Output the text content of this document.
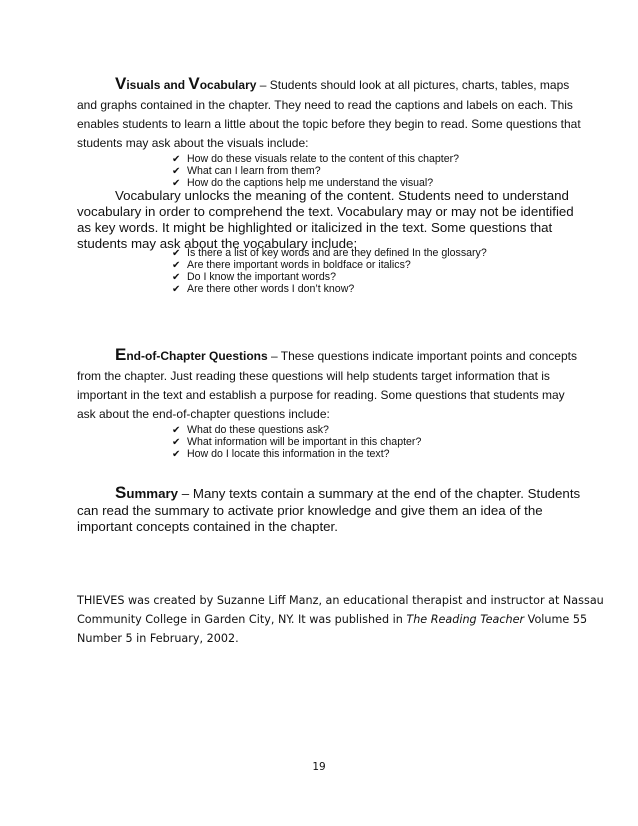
Visuals and Vocabulary – Students should look at all pictures, charts, tables, maps
and graphs contained in the chapter. They need to read the captions and labels on each. This
enables students to learn a little about the topic before they begin to read. Some questions that
students may ask about the visuals include:
✔ How do these visuals relate to the content of this chapter?
✔ What can I learn from them?
✔ How do the captions help me understand the visual?
Vocabulary unlocks the meaning of the content. Students need to understand
vocabulary in order to comprehend the text. Vocabulary may or may not be identified
as key words. It might be highlighted or italicized in the text. Some questions that
students may ask about the vocabulary include:
✔ Is there a list of key words and are they defined In the glossary?
✔ Are there important words in boldface or italics?
✔ Do I know the important words?
✔ Are there other words I don’t know?
End-of-Chapter Questions – These questions indicate important points and concepts
from the chapter. Just reading these questions will help students target information that is
important in the text and establish a purpose for reading. Some questions that students may
ask about the end-of-chapter questions include:
✔ What do these questions ask?
✔ What information will be important in this chapter?
✔ How do I locate this information in the text?
Summary – Many texts contain a summary at the end of the chapter. Students
can read the summary to activate prior knowledge and give them an idea of the
important concepts contained in the chapter.
THIEVES was created by Suzanne Liff Manz, an educational therapist and instructor at Nassau
Community College in Garden City, NY. It was published in The Reading Teacher Volume 55
Number 5 in February, 2002.
19
